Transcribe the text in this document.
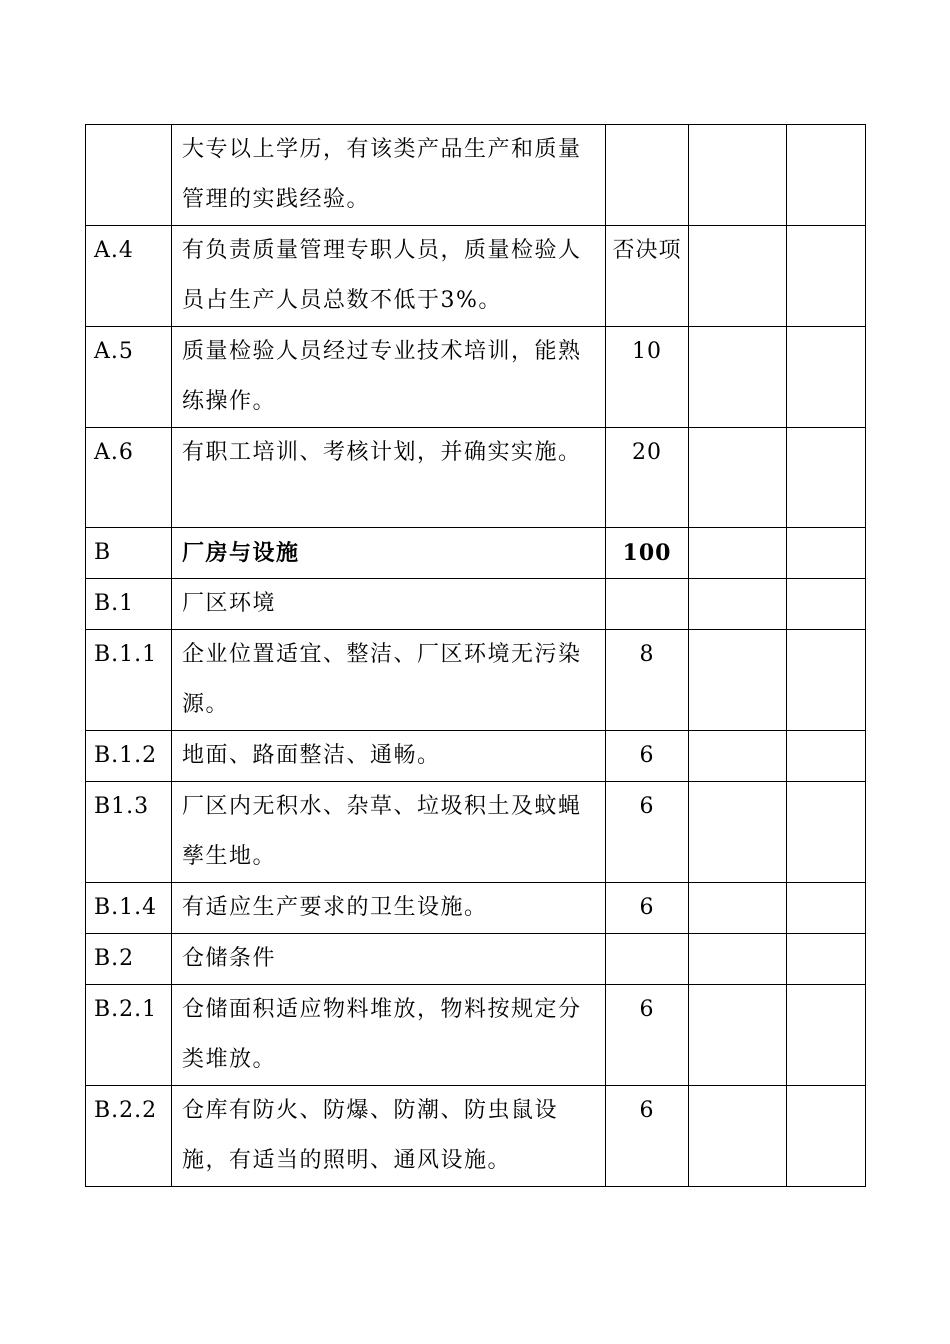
	大专以上学历，有该类产品生产和质量管理的实践经验。			
A.4	有负责质量管理专职人员，质量检验人员占生产人员总数不低于3%。	否决项		
A.5	质量检验人员经过专业技术培训，能熟练操作。	10		
A.6	有职工培训、考核计划，并确实实施。	20		
B	厂房与设施	100		
B.1	厂区环境			
B.1.1	企业位置适宜、整洁、厂区环境无污染源。	8		
B.1.2	地面、路面整洁、通畅。	6		
B1.3	厂区内无积水、杂草、垃圾积土及蚊蝇孳生地。	6		
B.1.4	有适应生产要求的卫生设施。	6		
B.2	仓储条件			
B.2.1	仓储面积适应物料堆放，物料按规定分类堆放。	6		
B.2.2	仓库有防火、防爆、防潮、防虫鼠设施，有适当的照明、通风设施。	6		
